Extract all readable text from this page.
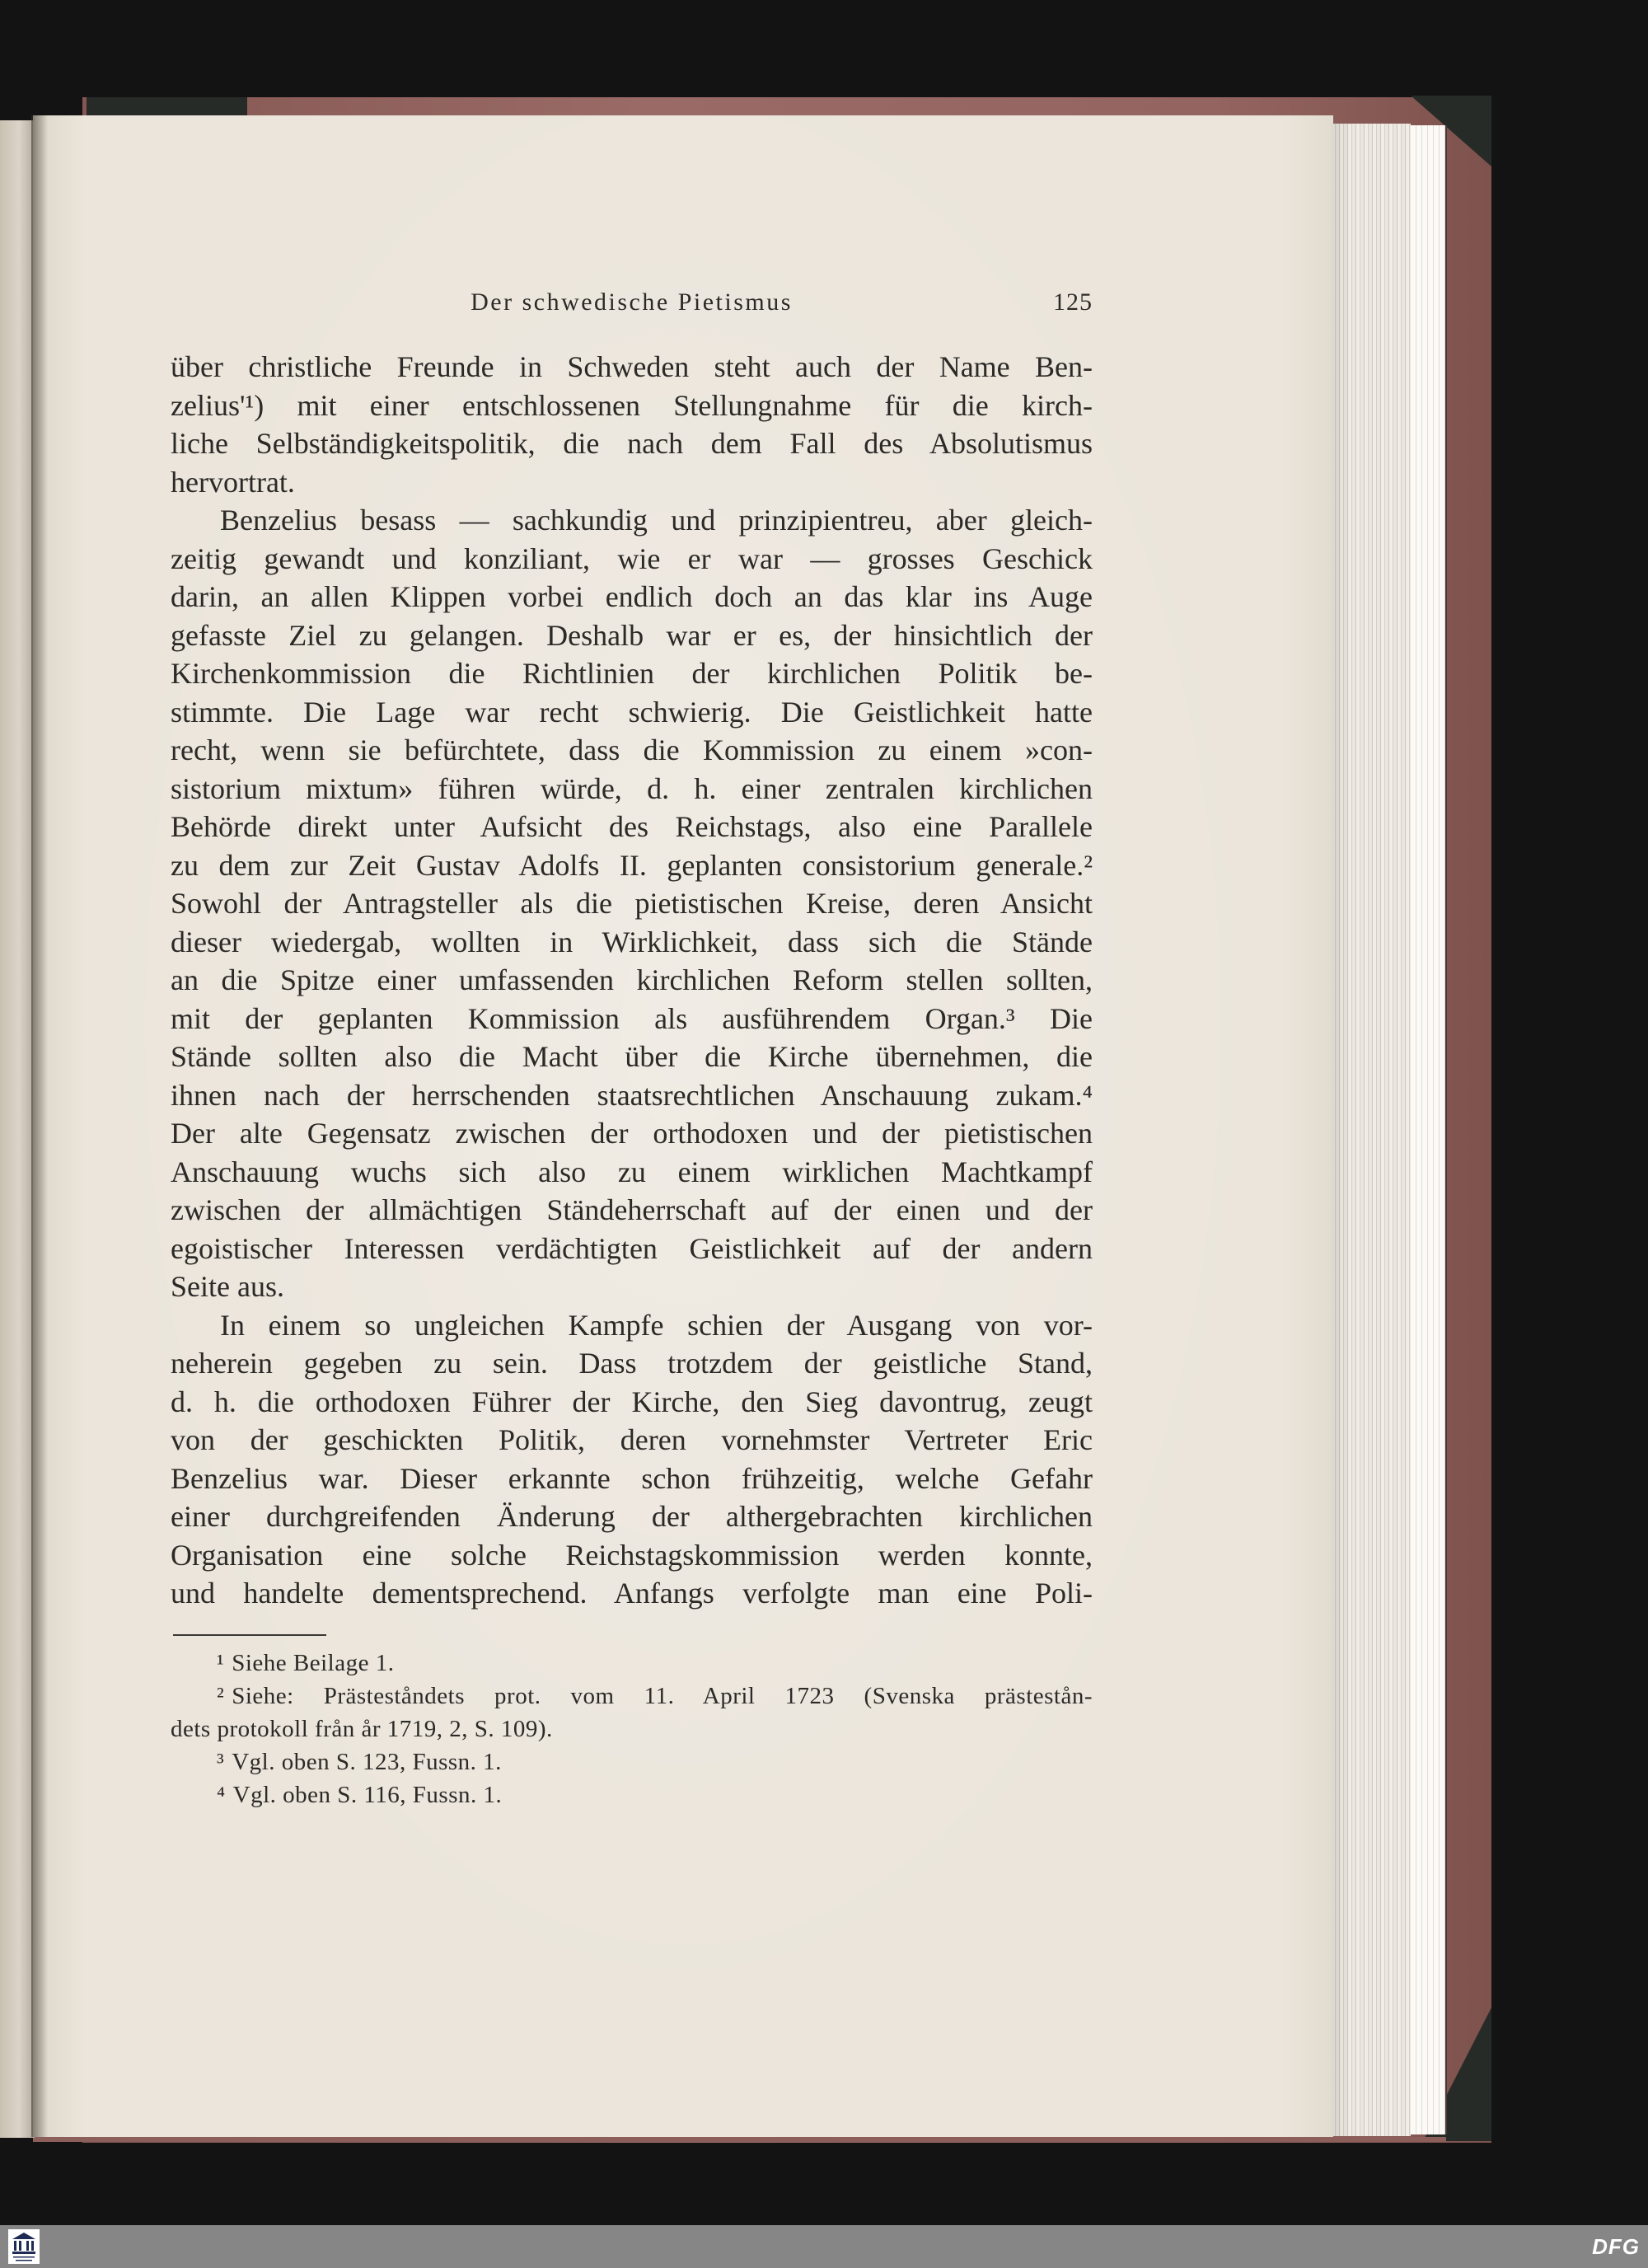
Der schwedische Pietismus	125
über christliche Freunde in Schweden steht auch der Name Ben-
zelius'¹) mit einer entschlossenen Stellungnahme für die kirch-
liche Selbständigkeitspolitik, die nach dem Fall des Absolutismus
hervortrat.
Benzelius besass — sachkundig und prinzipientreu, aber gleich-
zeitig gewandt und konziliant, wie er war — grosses Geschick
darin, an allen Klippen vorbei endlich doch an das klar ins Auge
gefasste Ziel zu gelangen. Deshalb war er es, der hinsichtlich der
Kirchenkommission die Richtlinien der kirchlichen Politik be-
stimmte. Die Lage war recht schwierig. Die Geistlichkeit hatte
recht, wenn sie befürchtete, dass die Kommission zu einem »con-
sistorium mixtum» führen würde, d. h. einer zentralen kirchlichen
Behörde direkt unter Aufsicht des Reichstags, also eine Parallele
zu dem zur Zeit Gustav Adolfs II. geplanten consistorium generale.²
Sowohl der Antragsteller als die pietistischen Kreise, deren Ansicht
dieser wiedergab, wollten in Wirklichkeit, dass sich die Stände
an die Spitze einer umfassenden kirchlichen Reform stellen sollten,
mit der geplanten Kommission als ausführendem Organ.³ Die
Stände sollten also die Macht über die Kirche übernehmen, die
ihnen nach der herrschenden staatsrechtlichen Anschauung zukam.⁴
Der alte Gegensatz zwischen der orthodoxen und der pietistischen
Anschauung wuchs sich also zu einem wirklichen Machtkampf
zwischen der allmächtigen Ständeherrschaft auf der einen und der
egoistischer Interessen verdächtigten Geistlichkeit auf der andern
Seite aus.
In einem so ungleichen Kampfe schien der Ausgang von vor-
neherein gegeben zu sein. Dass trotzdem der geistliche Stand,
d. h. die orthodoxen Führer der Kirche, den Sieg davontrug, zeugt
von der geschickten Politik, deren vornehmster Vertreter Eric
Benzelius war. Dieser erkannte schon frühzeitig, welche Gefahr
einer durchgreifenden Änderung der althergebrachten kirchlichen
Organisation eine solche Reichstagskommission werden konnte,
und handelte dementsprechend. Anfangs verfolgte man eine Poli-
¹ Siehe Beilage 1.
² Siehe: Prästeståndets prot. vom 11. April 1723 (Svenska prästestån-
dets protokoll från år 1719, 2, S. 109).
³ Vgl. oben S. 123, Fussn. 1.
⁴ Vgl. oben S. 116, Fussn. 1.
DFG
